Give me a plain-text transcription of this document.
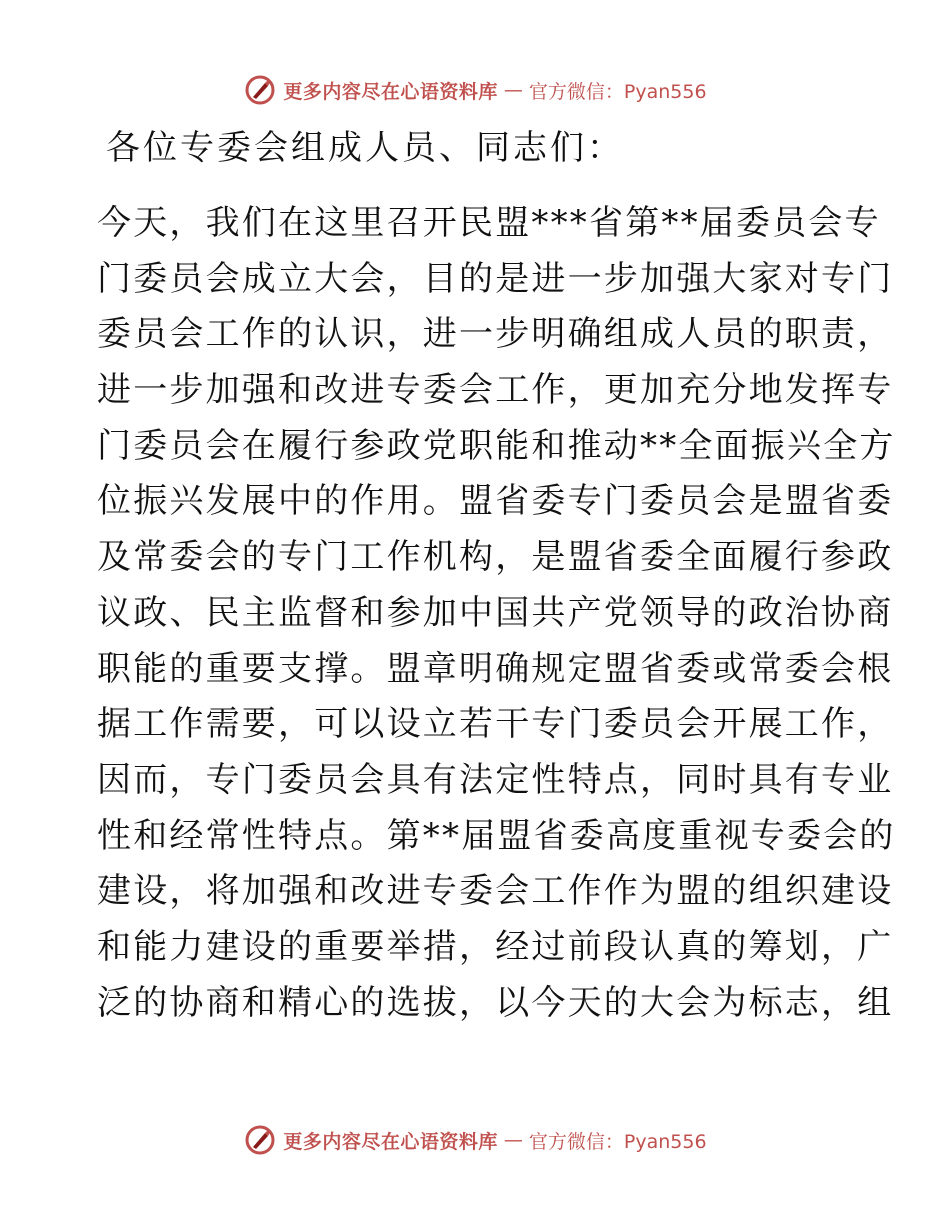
更多内容尽在心语资料库 — 官方微信：Pyan556
各位专委会组成人员、同志们：
今天，我们在这里召开民盟***省第**届委员会专
门委员会成立大会，目的是进一步加强大家对专门
委员会工作的认识，进一步明确组成人员的职责，
进一步加强和改进专委会工作，更加充分地发挥专
门委员会在履行参政党职能和推动**全面振兴全方
位振兴发展中的作用。盟省委专门委员会是盟省委
及常委会的专门工作机构，是盟省委全面履行参政
议政、民主监督和参加中国共产党领导的政治协商
职能的重要支撑。盟章明确规定盟省委或常委会根
据工作需要，可以设立若干专门委员会开展工作，
因而，专门委员会具有法定性特点，同时具有专业
性和经常性特点。第**届盟省委高度重视专委会的
建设，将加强和改进专委会工作作为盟的组织建设
和能力建设的重要举措，经过前段认真的筹划，广
泛的协商和精心的选拔，以今天的大会为标志，组
更多内容尽在心语资料库 — 官方微信：Pyan556
